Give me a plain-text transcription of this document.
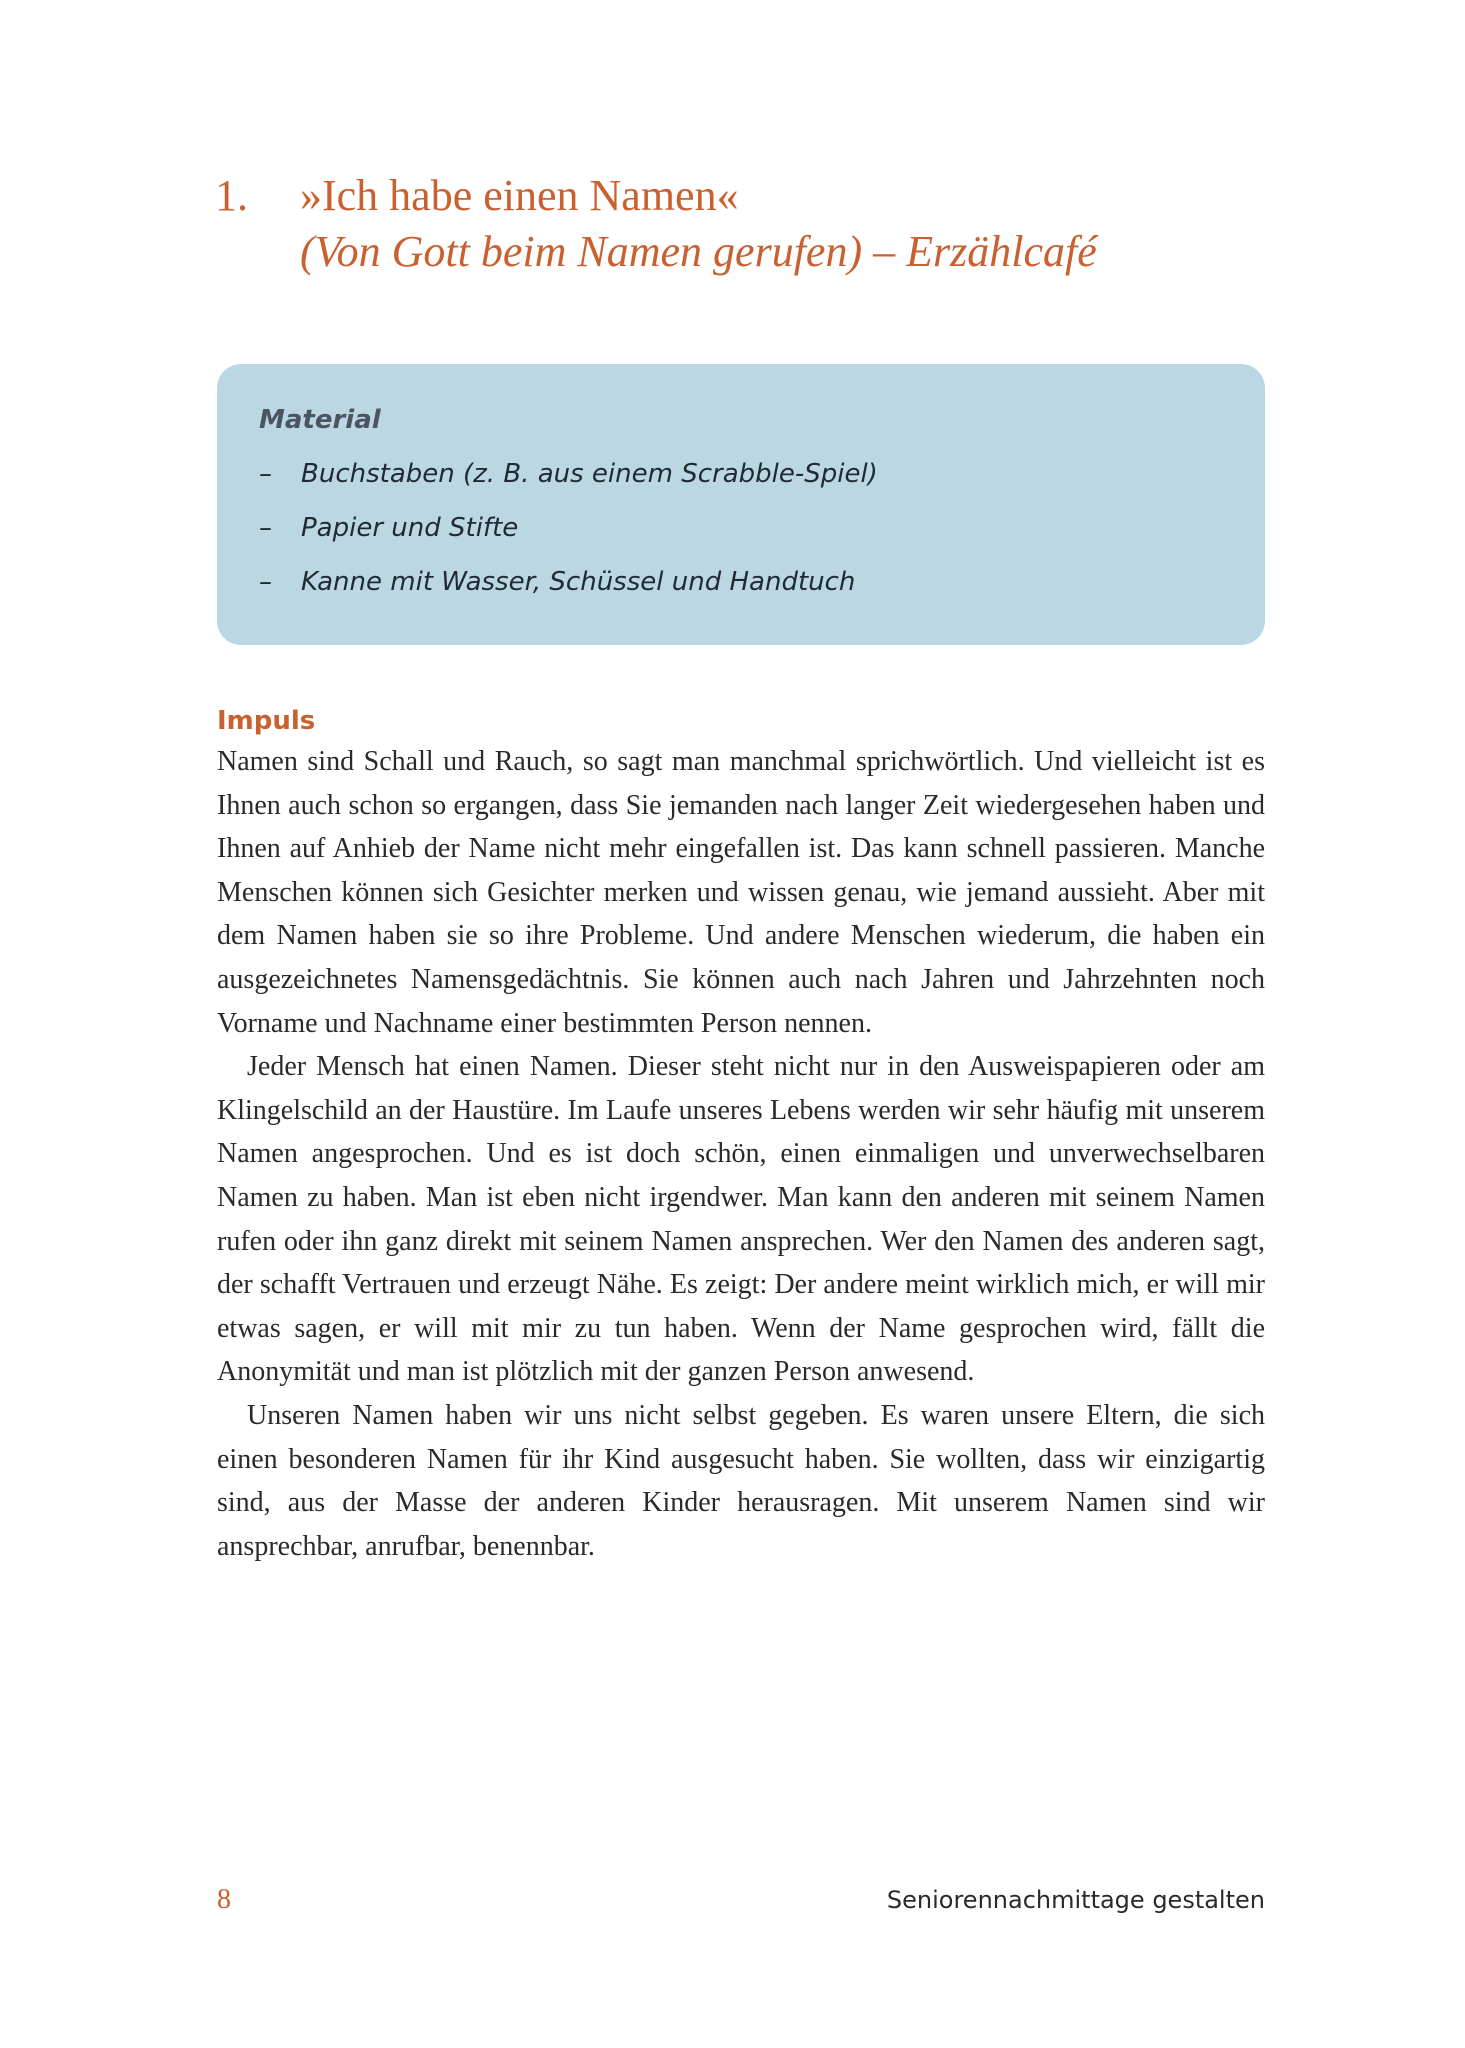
1. »Ich habe einen Namen«
(Von Gott beim Namen gerufen) – Erzählcafé
Material
– Buchstaben (z. B. aus einem Scrabble-Spiel)
– Papier und Stifte
– Kanne mit Wasser, Schüssel und Handtuch
Impuls

Namen sind Schall und Rauch, so sagt man manchmal sprichwörtlich. Und vielleicht ist es Ihnen auch schon so ergangen, dass Sie jemanden nach langer Zeit wiedergesehen haben und Ihnen auf Anhieb der Name nicht mehr eingefallen ist. Das kann schnell passieren. Manche Menschen können sich Gesichter merken und wissen genau, wie jemand aussieht. Aber mit dem Namen haben sie so ihre Probleme. Und andere Menschen wiederum, die haben ein ausgezeichnetes Namensgedächtnis. Sie können auch nach Jahren und Jahrzehnten noch Vorname und Nachname einer bestimmten Person nennen.

Jeder Mensch hat einen Namen. Dieser steht nicht nur in den Ausweispapieren oder am Klingelschild an der Haustüre. Im Laufe unseres Lebens werden wir sehr häufig mit unserem Namen angesprochen. Und es ist doch schön, einen einmaligen und unverwechselbaren Namen zu haben. Man ist eben nicht irgendwer. Man kann den anderen mit seinem Namen rufen oder ihn ganz direkt mit seinem Namen ansprechen. Wer den Namen des anderen sagt, der schafft Vertrauen und erzeugt Nähe. Es zeigt: Der andere meint wirklich mich, er will mir etwas sagen, er will mit mir zu tun haben. Wenn der Name gesprochen wird, fällt die Anonymität und man ist plötzlich mit der ganzen Person anwesend.

Unseren Namen haben wir uns nicht selbst gegeben. Es waren unsere Eltern, die sich einen besonderen Namen für ihr Kind ausgesucht haben. Sie wollten, dass wir einzigartig sind, aus der Masse der anderen Kinder herausragen. Mit unserem Namen sind wir ansprechbar, anrufbar, benennbar.

8	Seniorennachmittage gestalten
